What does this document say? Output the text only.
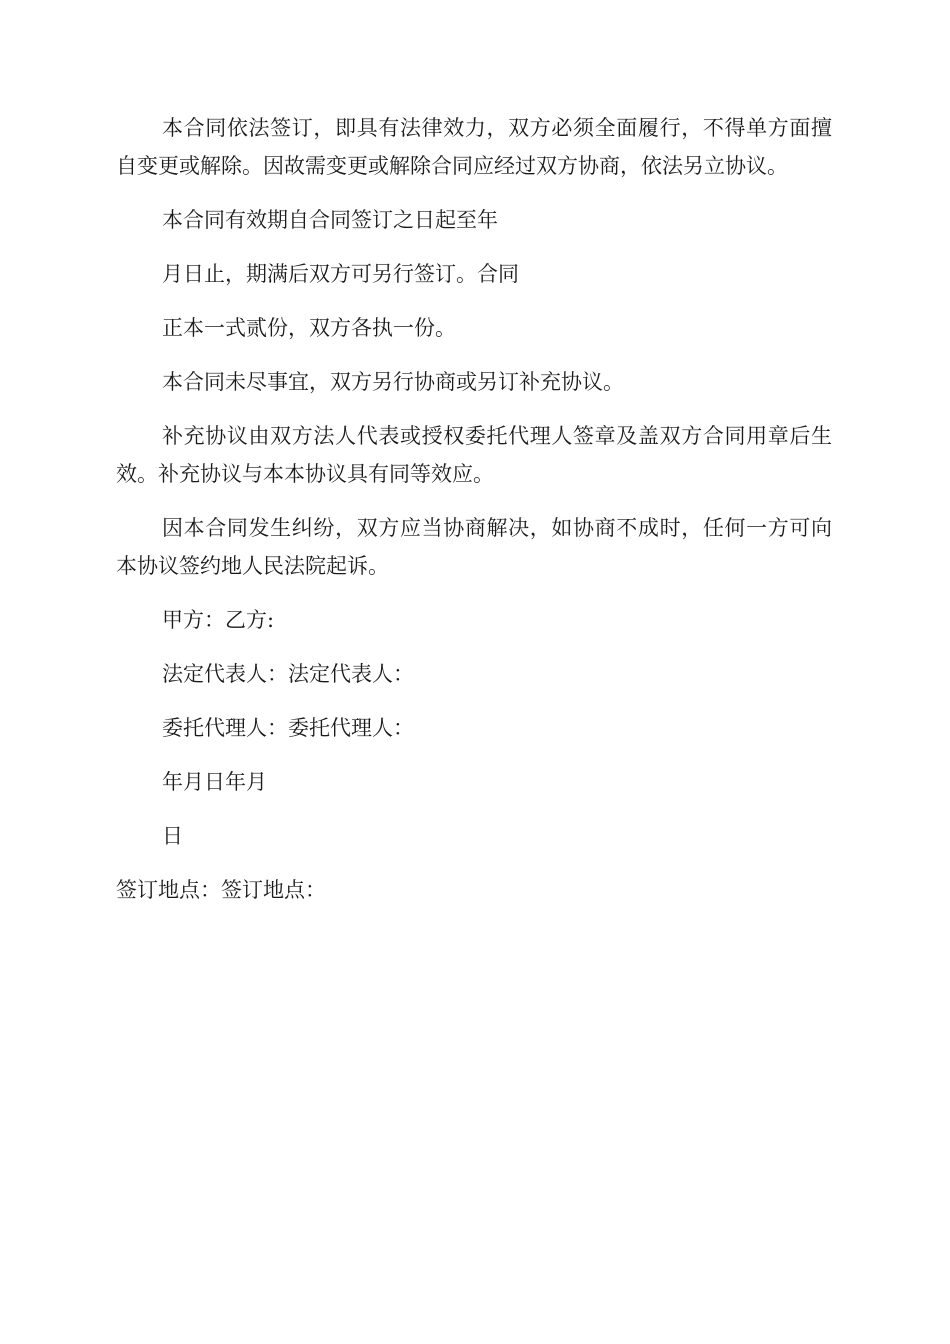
本合同依法签订，即具有法律效力，双方必须全面履行，不得单方面擅自变更或解除。因故需变更或解除合同应经过双方协商，依法另立协议。

本合同有效期自合同签订之日起至年

月日止，期满后双方可另行签订。合同

正本一式贰份，双方各执一份。

本合同未尽事宜，双方另行协商或另订补充协议。

补充协议由双方法人代表或授权委托代理人签章及盖双方合同用章后生效。补充协议与本本协议具有同等效应。

因本合同发生纠纷，双方应当协商解决，如协商不成时，任何一方可向本协议签约地人民法院起诉。

甲方：乙方:

法定代表人：法定代表人：

委托代理人：委托代理人：

年月日年月

日

签订地点：签订地点：
